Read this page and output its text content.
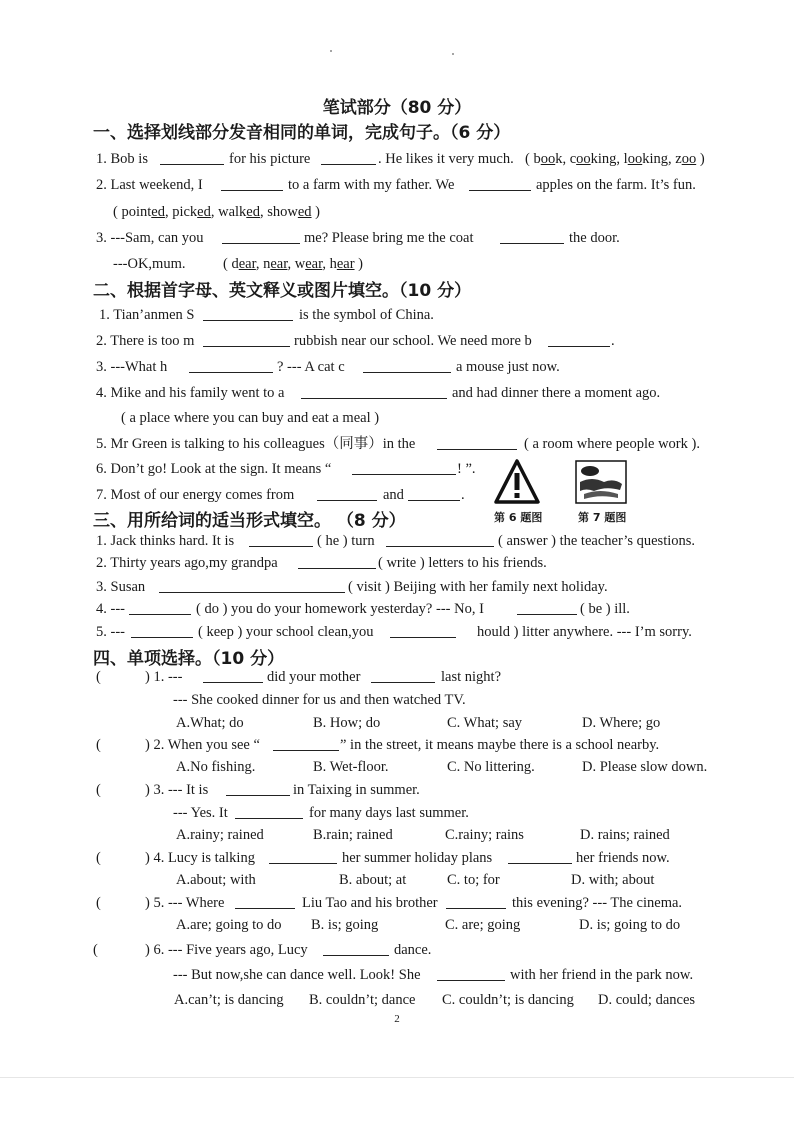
笔试部分（80 分）
一、选择划线部分发音相同的单词，完成句子。（6 分）
1. Bob is	for his picture	. He likes it very much. ( book, cooking, looking, zoo )
2. Last weekend, I	to a farm with my father. We	apples on the farm. It’s fun.
( pointed, picked, walked, showed )
3. ---Sam, can you	me? Please bring me the coat	the door.
---OK,mum.	( dear, near, wear, hear )
二、根据首字母、英文释义或图片填空。（10 分）
1. Tian’anmen S	is the symbol of China.
2. There is too m	rubbish near our school. We need more b	.
3. ---What h	? --- A cat c	a mouse just now.
4. Mike and his family went to a	and had dinner there a moment ago.
( a place where you can buy and eat a meal )
5. Mr Green is talking to his colleagues（同事）in the	( a room where people work ).
6. Don’t go! Look at the sign. It means “	! ”.
7. Most of our energy comes from	and	.
第 6 题图	第 7 题图
三、用所给词的适当形式填空。 （8 分）
1. Jack thinks hard. It is	( he ) turn	( answer ) the teacher’s questions.
2. Thirty years ago,my grandpa	( write ) letters to his friends.
3. Susan	( visit ) Beijing with her family next holiday.
4. ---	( do ) you do your homework yesterday? --- No, I	( be ) ill.
5. ---	( keep ) your school clean,you	hould ) litter anywhere. --- I’m sorry.
四、单项选择。（10 分）
(	) 1. ---	did your mother	last night?
--- She cooked dinner for us and then watched TV.
A.What; do	B. How; do	C. What; say	D. Where; go
(	) 2. When you see “	” in the street, it means maybe there is a school nearby.
A.No fishing.	B. Wet-floor.	C. No littering.	D. Please slow down.
(	) 3. --- It is	in Taixing in summer.
--- Yes. It	for many days last summer.
A.rainy; rained	B.rain; rained	C.rainy; rains	D. rains; rained
(	) 4. Lucy is talking	her summer holiday plans	her friends now.
A.about; with	B. about; at	C. to; for	D. with; about
(	) 5. --- Where	Liu Tao and his brother	this evening? --- The cinema.
A.are; going to do B. is; going	C. are; going	D. is; going to do
(	) 6. --- Five years ago, Lucy	dance.
--- But now,she can dance well. Look! She	with her friend in the park now.
A.can’t; is dancing B. couldn’t; dance C. couldn’t; is dancing D. could; dances
2
